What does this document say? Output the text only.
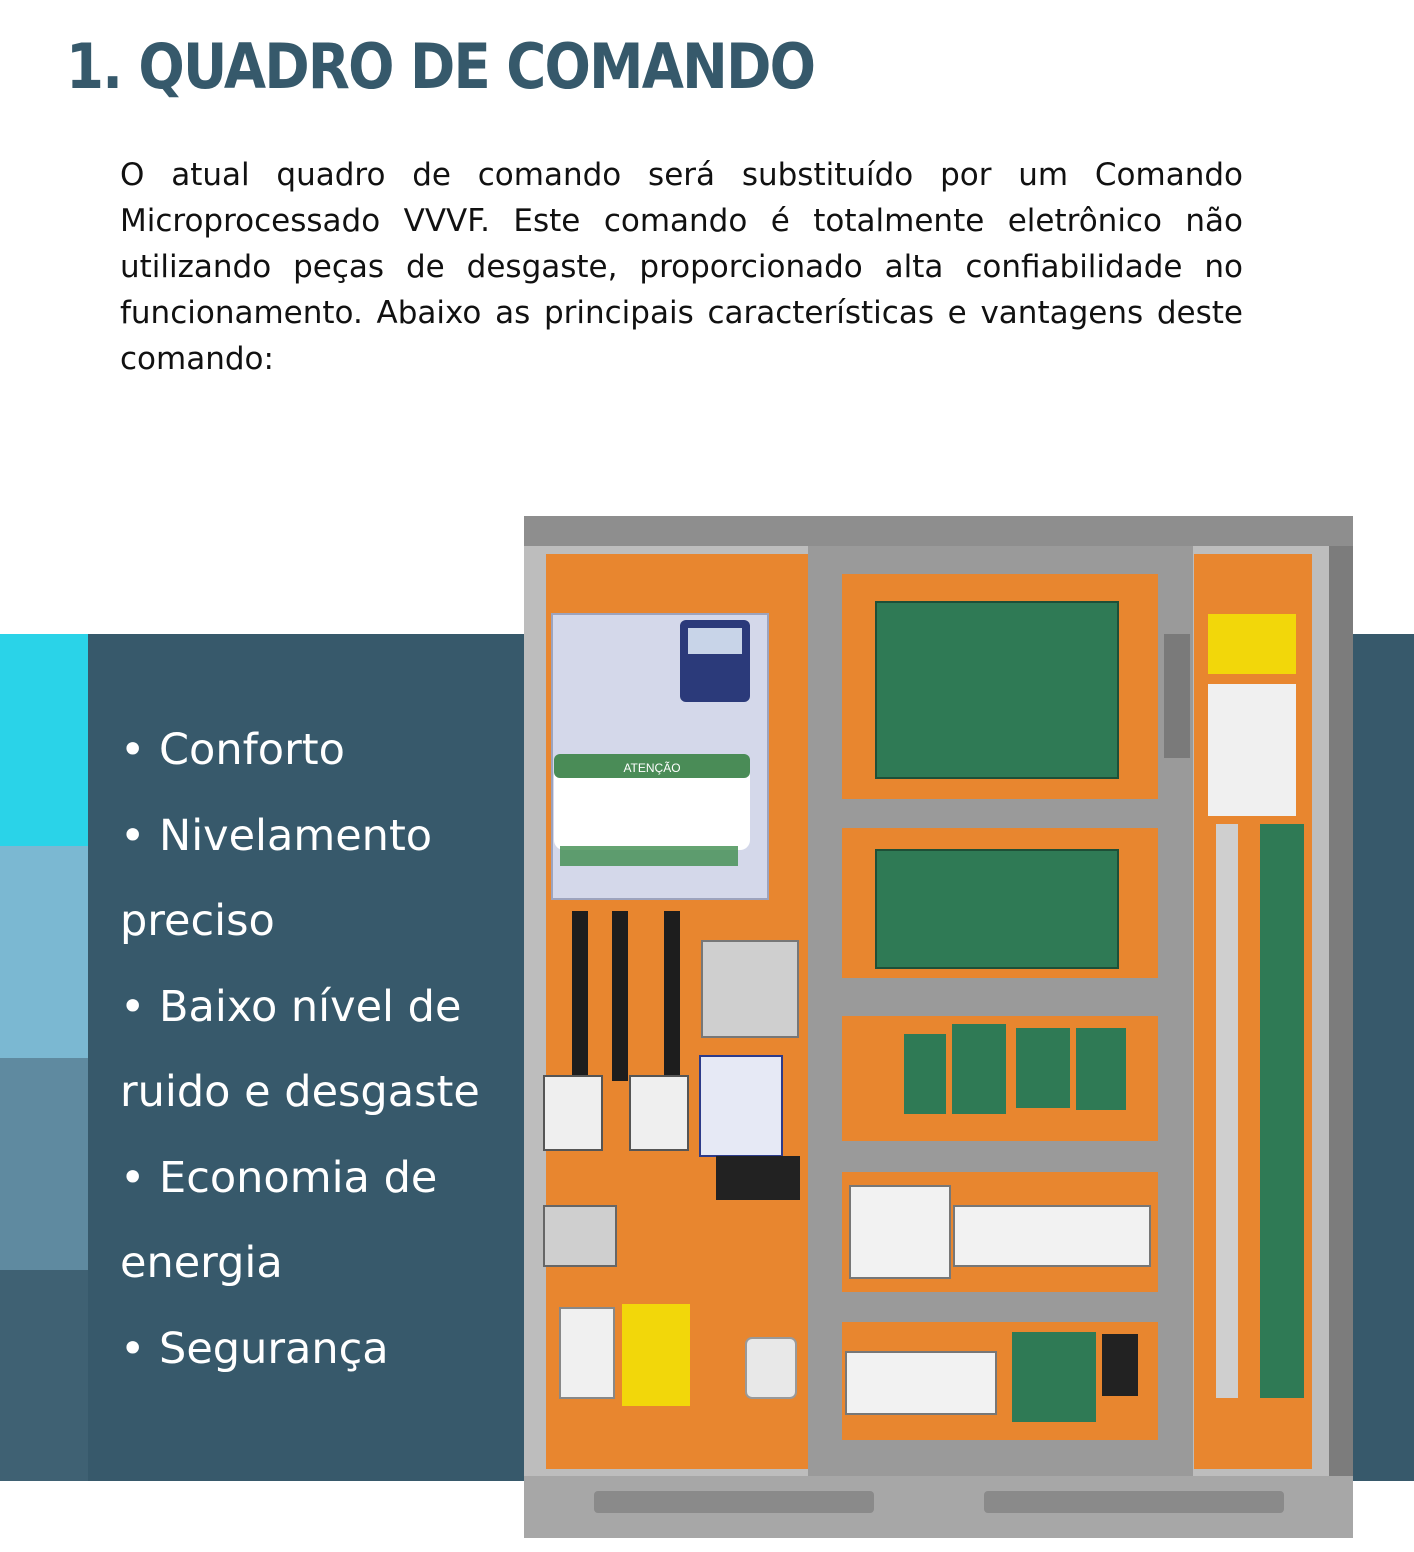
1. QUADRO DE COMANDO

O atual quadro de comando será substituído por um Comando Microprocessado VVVF. Este comando é totalmente eletrônico não utilizando peças de desgaste, proporcionado alta confiabilidade no funcionamento. Abaixo as principais características e vantagens deste comando:

• Conforto
• Nivelamento preciso
• Baixo nível de ruido e desgaste
• Economia de energia
• Segurança
ATENÇÃO
